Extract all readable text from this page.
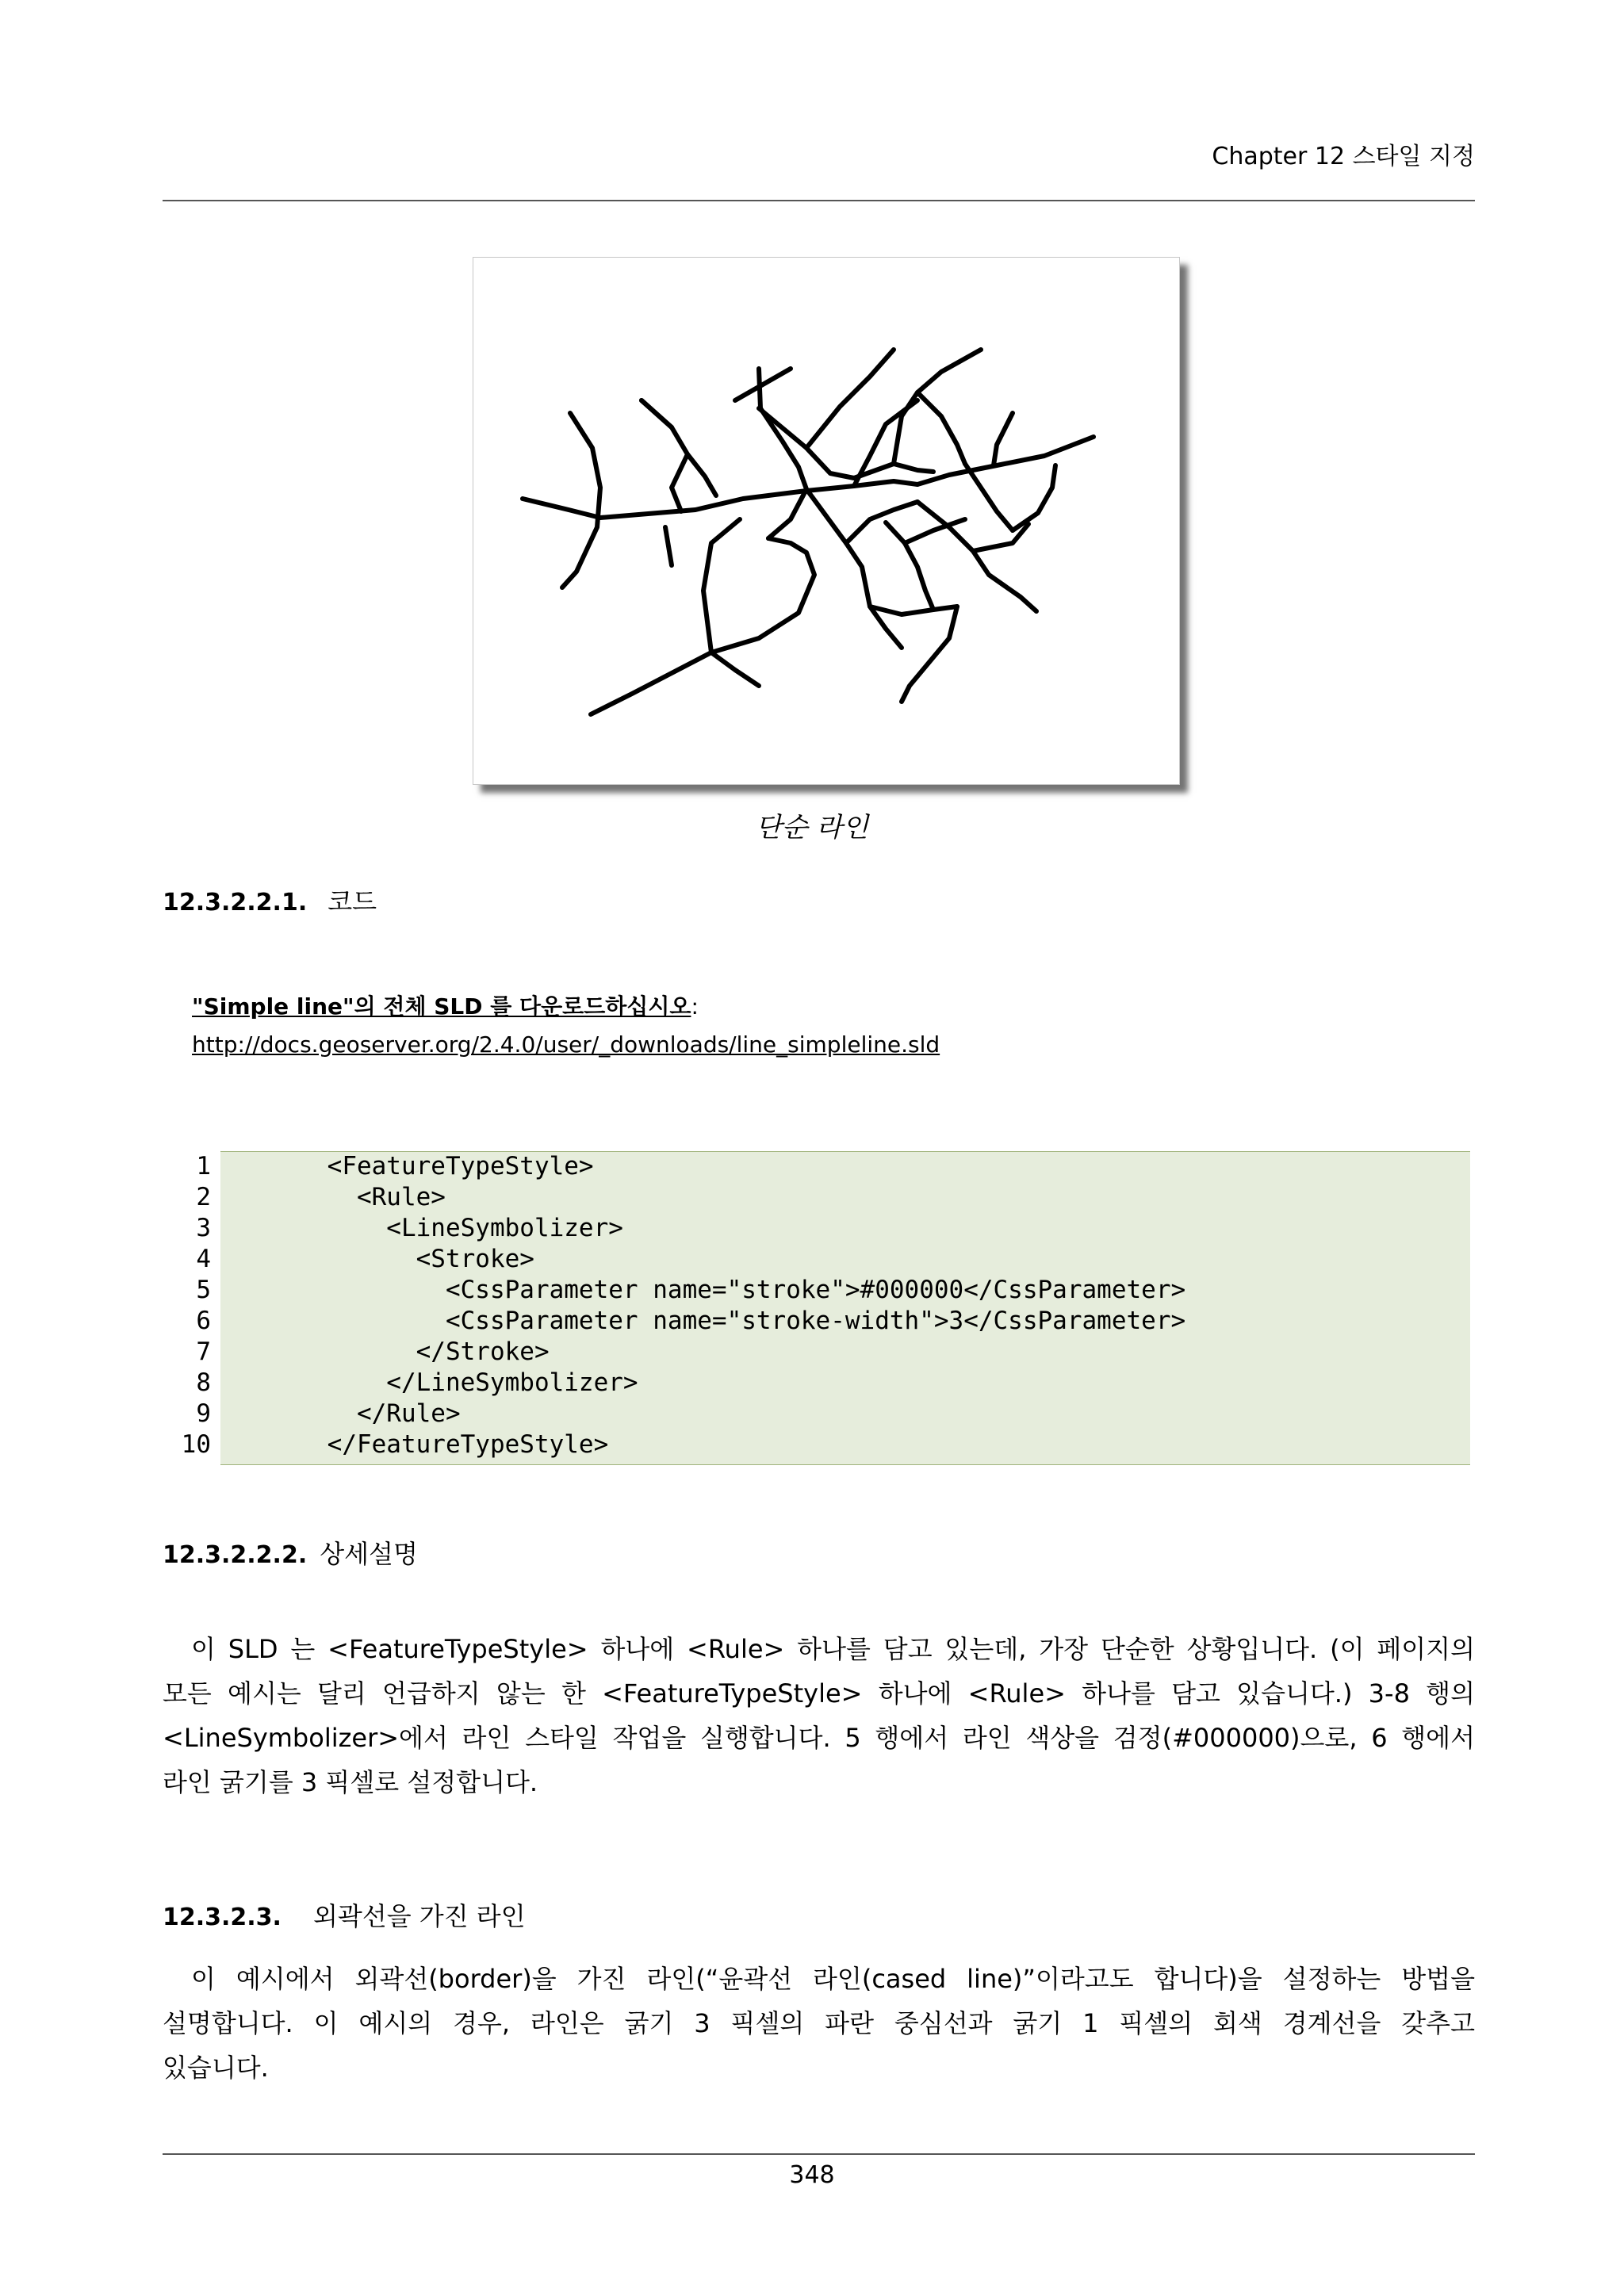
Chapter 12 스타일 지정
단순 라인
12.3.2.2.1. 코드
"Simple line"의 전체 SLD 를 다운로드하십시오:
http://docs.geoserver.org/2.4.0/user/_downloads/line_simpleline.sld
1    <FeatureTypeStyle>
2      <Rule>
3        <LineSymbolizer>
4          <Stroke>
5            <CssParameter name="stroke">#000000</CssParameter>
6            <CssParameter name="stroke-width">3</CssParameter>
7          </Stroke>
8        </LineSymbolizer>
9      </Rule>
10    </FeatureTypeStyle>
12.3.2.2.2. 상세설명
이 SLD 는 <FeatureTypeStyle> 하나에 <Rule> 하나를 담고 있는데, 가장 단순한 상황입니다. (이 페이지의
모든 예시는 달리 언급하지 않는 한 <FeatureTypeStyle> 하나에 <Rule> 하나를 담고 있습니다.) 3-8 행의
<LineSymbolizer>에서 라인 스타일 작업을 실행합니다. 5 행에서 라인 색상을 검정(#000000)으로, 6 행에서
라인 굵기를 3 픽셀로 설정합니다.
12.3.2.3. 외곽선을 가진 라인
이 예시에서 외곽선(border)을 가진 라인(“윤곽선 라인(cased line)”이라고도 합니다)을 설정하는 방법을
설명합니다. 이 예시의 경우, 라인은 굵기 3 픽셀의 파란 중심선과 굵기 1 픽셀의 회색 경계선을 갖추고
있습니다.
348
